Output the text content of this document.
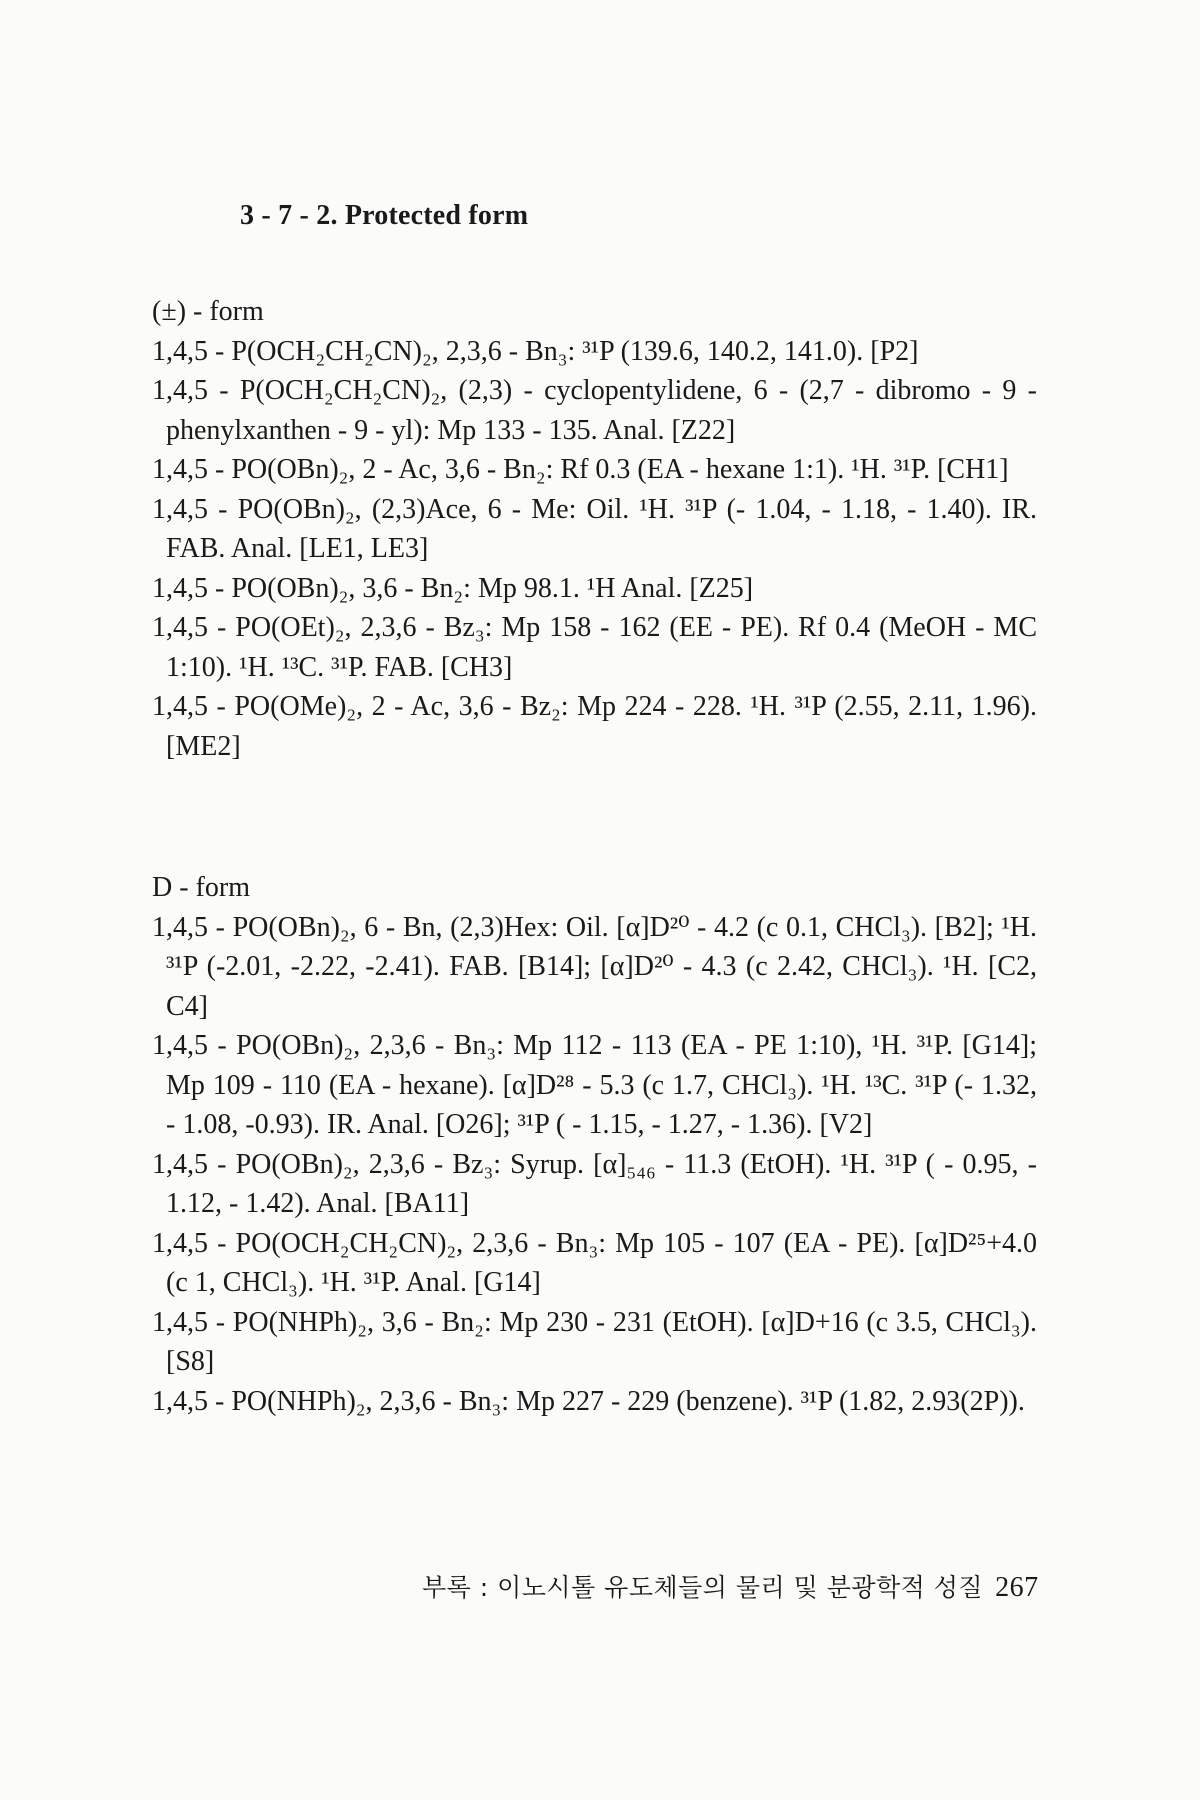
3 - 7 - 2. Protected form

(±) - form

1,4,5 - P(OCH₂CH₂CN)₂, 2,3,6 - Bn₃: ³¹P (139.6, 140.2, 141.0). [P2]

1,4,5 - P(OCH₂CH₂CN)₂, (2,3) - cyclopentylidene, 6 - (2,7 - dibromo - 9 - phenylxanthen - 9 - yl): Mp 133 - 135. Anal. [Z22]

1,4,5 - PO(OBn)₂, 2 - Ac, 3,6 - Bn₂: Rf 0.3 (EA - hexane 1:1). ¹H. ³¹P. [CH1]

1,4,5 - PO(OBn)₂, (2,3)Ace, 6 - Me: Oil. ¹H. ³¹P (- 1.04, - 1.18, - 1.40). IR. FAB. Anal. [LE1, LE3]

1,4,5 - PO(OBn)₂, 3,6 - Bn₂: Mp 98.1. ¹H Anal. [Z25]

1,4,5 - PO(OEt)₂, 2,3,6 - Bz₃: Mp 158 - 162 (EE - PE). Rf 0.4 (MeOH - MC 1:10). ¹H. ¹³C. ³¹P. FAB. [CH3]

1,4,5 - PO(OMe)₂, 2 - Ac, 3,6 - Bz₂: Mp 224 - 228. ¹H. ³¹P (2.55, 2.11, 1.96). [ME2]

D - form

1,4,5 - PO(OBn)₂, 6 - Bn, (2,3)Hex: Oil. [α]D²⁰ - 4.2 (c 0.1, CHCl₃). [B2]; ¹H. ³¹P (-2.01, -2.22, -2.41). FAB. [B14]; [α]D²⁰ - 4.3 (c 2.42, CHCl₃). ¹H. [C2, C4]

1,4,5 - PO(OBn)₂, 2,3,6 - Bn₃: Mp 112 - 113 (EA - PE 1:10), ¹H. ³¹P. [G14]; Mp 109 - 110 (EA - hexane). [α]D²⁸ - 5.3 (c 1.7, CHCl₃). ¹H. ¹³C. ³¹P (- 1.32, - 1.08, -0.93). IR. Anal. [O26]; ³¹P ( - 1.15, - 1.27, - 1.36). [V2]

1,4,5 - PO(OBn)₂, 2,3,6 - Bz₃: Syrup. [α]₅₄₆ - 11.3 (EtOH). ¹H. ³¹P ( - 0.95, - 1.12, - 1.42). Anal. [BA11]

1,4,5 - PO(OCH₂CH₂CN)₂, 2,3,6 - Bn₃: Mp 105 - 107 (EA - PE). [α]D²⁵+4.0 (c 1, CHCl₃). ¹H. ³¹P. Anal. [G14]

1,4,5 - PO(NHPh)₂, 3,6 - Bn₂: Mp 230 - 231 (EtOH). [α]D+16 (c 3.5, CHCl₃). [S8]

1,4,5 - PO(NHPh)₂, 2,3,6 - Bn₃: Mp 227 - 229 (benzene). ³¹P (1.82, 2.93(2P)).

부록 : 이노시톨 유도체들의 물리 및 분광학적 성질 267
